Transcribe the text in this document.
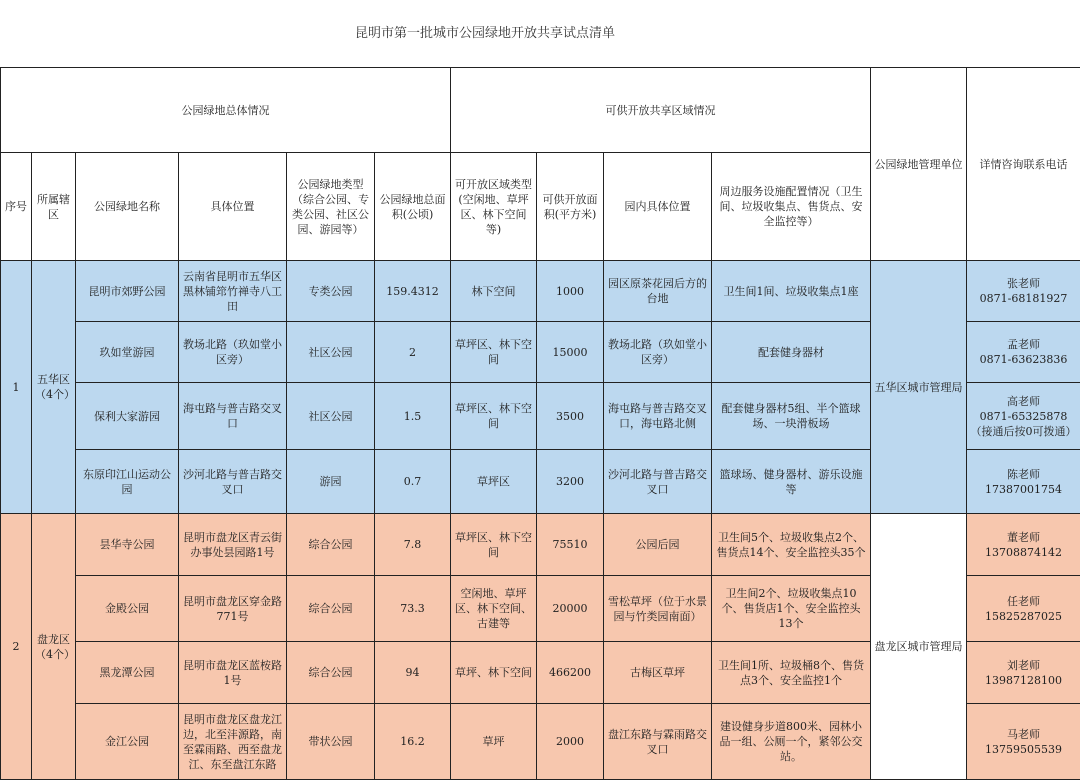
昆明市第一批城市公园绿地开放共享试点清单
公园绿地总体情况						可供开放共享区域情况				公园绿地管理单位	详情咨询联系电话
序号	所属辖区	公园绿地名称	具体位置	公园绿地类型（综合公园、专类公园、社区公园、游园等）	公园绿地总面积(公顷)	可开放区域类型(空闲地、草坪区、林下空间等)	可供开放面积(平方米)	园内具体位置	周边服务设施配置情况（卫生间、垃圾收集点、售货点、安全监控等）		
1	五华区（4个）	昆明市郊野公园	云南省昆明市五华区黑林铺筇竹禅寺八工田	专类公园	159.4312	林下空间	1000	园区原茶花园后方的台地	卫生间1间、垃圾收集点1座	五华区城市管理局	张老师
0871-68181927
		玖如堂游园	教场北路（玖如堂小区旁）	社区公园	2	草坪区、林下空间	15000	教场北路（玖如堂小区旁）	配套健身器材		孟老师
0871-63623836
		保利大家游园	海屯路与普吉路交叉口	社区公园	1.5	草坪区、林下空间	3500	海屯路与普吉路交叉口，海屯路北侧	配套健身器材5组、半个篮球场、一块滑板场		高老师
0871-65325878
（接通后按0可拨通）
		东原印江山运动公园	沙河北路与普吉路交叉口	游园	0.7	草坪区	3200	沙河北路与普吉路交叉口	篮球场、健身器材、游乐设施等		陈老师
17387001754
2	盘龙区（4个）	昙华寺公园	昆明市盘龙区青云街办事处昙园路1号	综合公园	7.8	草坪区、林下空间	75510	公园后园	卫生间5个、垃圾收集点2个、售货点14个、安全监控头35个	盘龙区城市管理局	董老师
13708874142
		金殿公园	昆明市盘龙区穿金路771号	综合公园	73.3	空闲地、草坪区、林下空间、古建等	20000	雪松草坪（位于水景园与竹类园南面）	卫生间2个、垃圾收集点10个、售货店1个、安全监控头13个		任老师
15825287025
		黑龙潭公园	昆明市盘龙区蓝桉路1号	综合公园	94	草坪、林下空间	466200	古梅区草坪	卫生间1所、垃圾桶8个、售货点3个、安全监控1个		刘老师
13987128100
		金江公园	昆明市盘龙区盘龙江边，北至沣源路，南至霖雨路、西至盘龙江、东至盘江东路	带状公园	16.2	草坪	2000	盘江东路与霖雨路交叉口	建设健身步道800米、园林小品一组、公厕一个，紧邻公交站。		马老师
13759505539
